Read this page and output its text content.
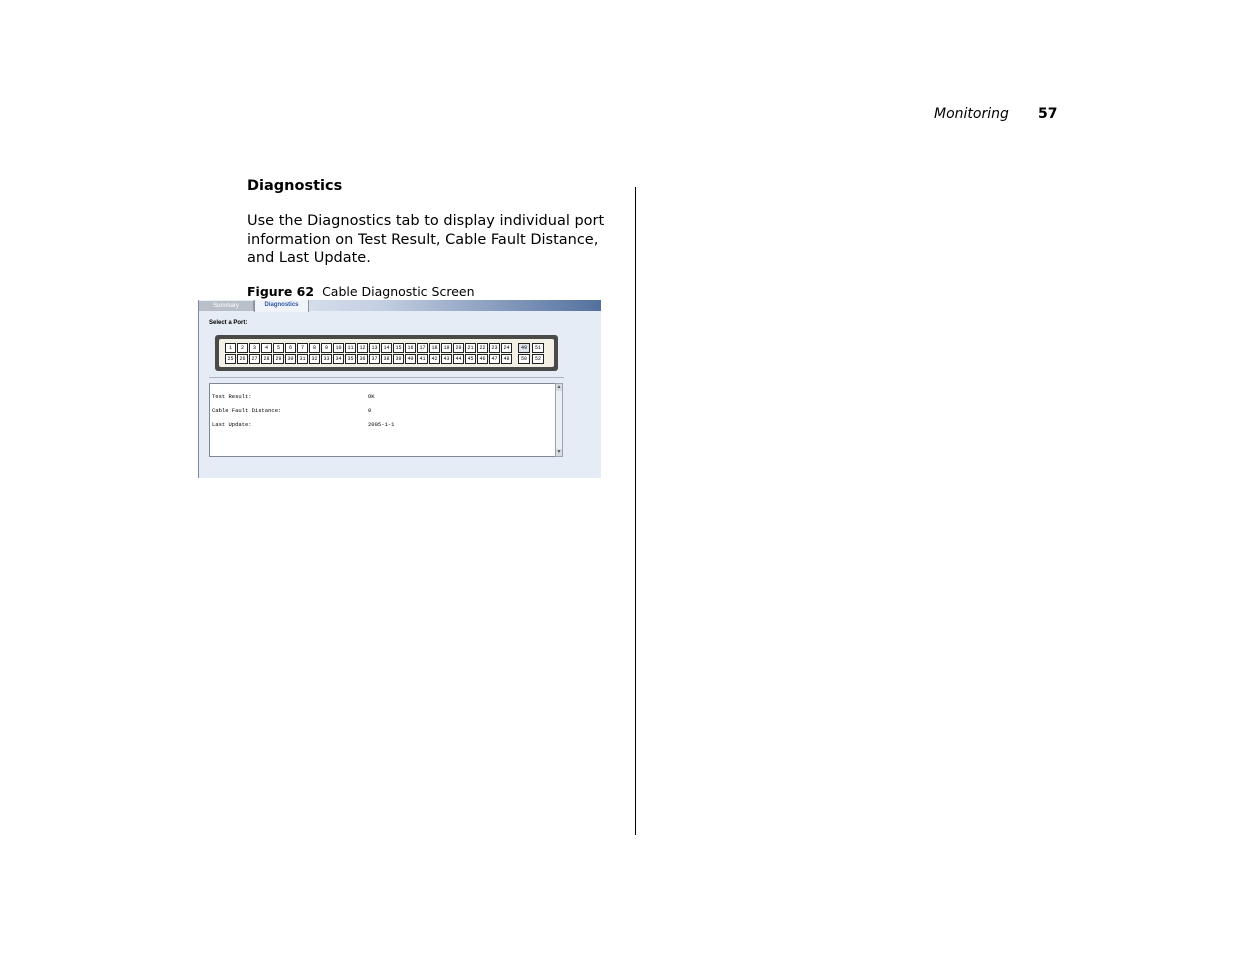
Monitoring 57
Diagnostics
Use the Diagnostics tab to display individual port information on Test Result, Cable Fault Distance, and Last Update.
Figure 62 Cable Diagnostic Screen
Summary	Diagnostics
Select a Port:
1	2	3	4	5	6	7	8	9	10	11	12	13	14	15	16	17	18	19	20	21	22	23	24
25	26	27	28	29	30	31	32	33	34	35	36	37	38	39	40	41	42	43	44	45	46	47	48
49	51
50	52
Test Result:	OK
Cable Fault Distance:	0
Last Update:	2005-1-1
▲
▼
